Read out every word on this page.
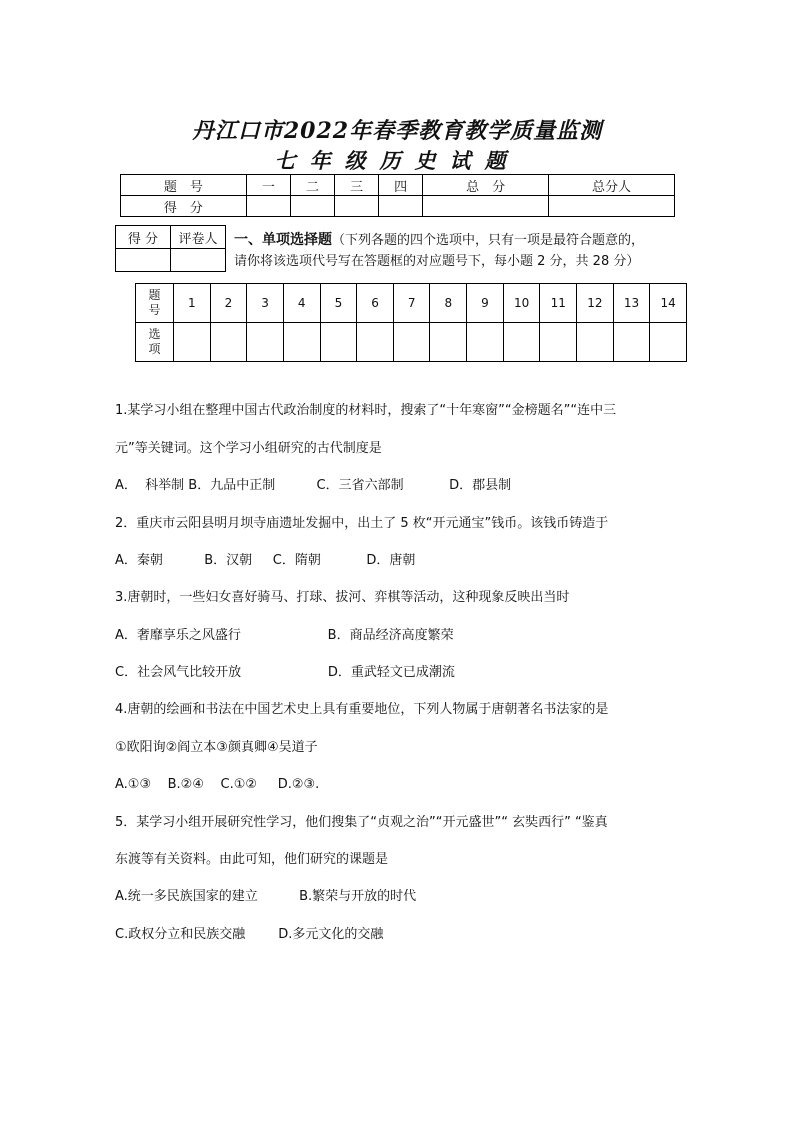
丹江口市2022年春季教育教学质量监测
七年级历史试题
题　号	一	二	三	四	总　分	总分人
得　分						
得 分	评卷人
	一、单项选择题（下列各题的四个选项中，只有一项是最符合题意的，
请你将该选项代号写在答题框的对应题号下，每小题 2 分，共 28 分）
题
号	1	2	3	4	5	6	7	8	9	10	11	12	13	14
选
项														
1.某学习小组在整理中国古代政治制度的材料时，搜索了“十年寒窗”“金榜题名”“连中三
元”等关键词。这个学习小组研究的古代制度是
A．  科举制 B．九品中正制          C．三省六部制           D．郡县制
2．重庆市云阳县明月坝寺庙遗址发掘中，出土了 5 枚“开元通宝”钱币。该钱币铸造于
A．秦朝          B．汉朝     C．隋朝           D．唐朝
3.唐朝时，一些妇女喜好骑马、打球、拔河、弈棋等活动，这种现象反映出当时
A．奢靡享乐之风盛行                     B．商品经济高度繁荣
C．社会风气比较开放                     D．重武轻文已成潮流
4.唐朝的绘画和书法在中国艺术史上具有重要地位，下列人物属于唐朝著名书法家的是
①欧阳询②阎立本③颜真卿④吴道子
A.①③    B.②④    C.①②     D.②③.
5．某学习小组开展研究性学习，他们搜集了“贞观之治”“开元盛世”“ 玄奘西行” “鉴真
东渡等有关资料。由此可知，他们研究的课题是
A.统一多民族国家的建立          B.繁荣与开放的时代
C.政权分立和民族交融        D.多元文化的交融
